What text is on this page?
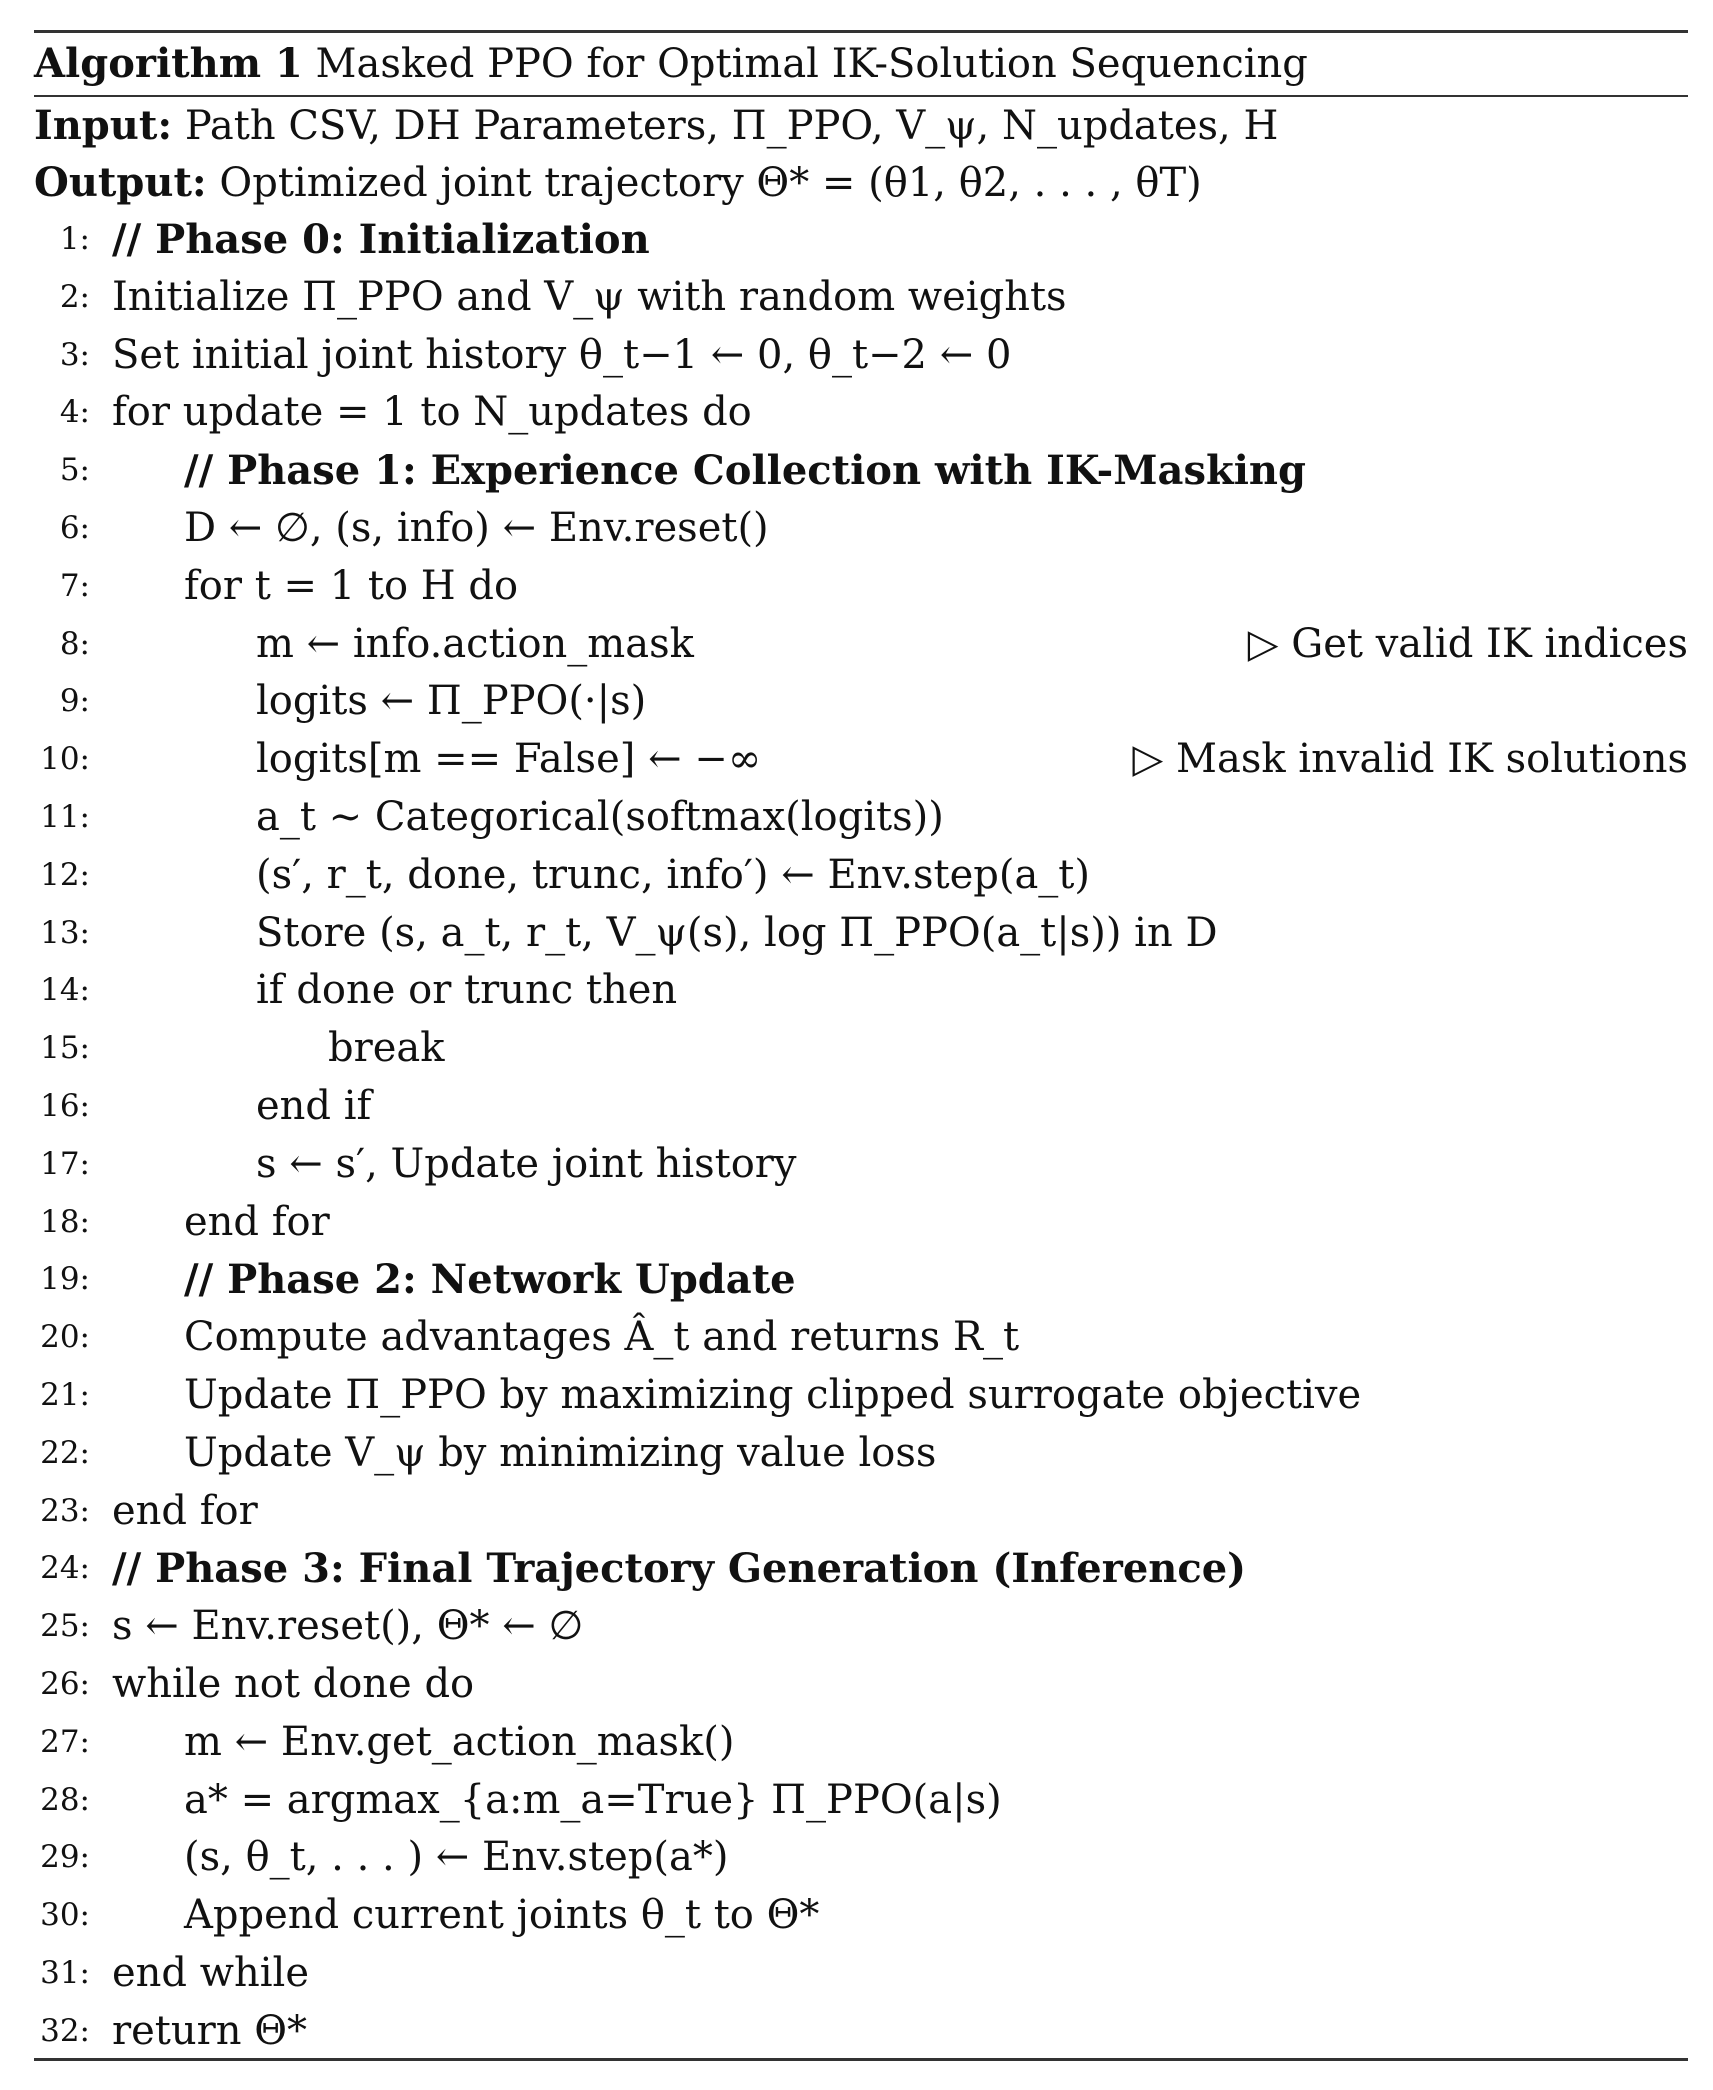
Algorithm 1 Masked PPO for Optimal IK-Solution Sequencing
Input: Path CSV, DH Parameters, Π_PPO, V_ψ, N_updates, H
Output: Optimized joint trajectory Θ* = (θ1, θ2, . . . , θT)
1: // Phase 0: Initialization
2: Initialize Π_PPO and V_ψ with random weights
3: Set initial joint history θ_t−1 ← 0, θ_t−2 ← 0
4: for update = 1 to N_updates do
5: // Phase 1: Experience Collection with IK-Masking
6: D ← ∅, (s, info) ← Env.reset()
7: for t = 1 to H do
8:	m ← info.action_mask	▷ Get valid IK indices
9:	logits ← Π_PPO(·|s)
10:	logits[m == False] ← −∞	▷ Mask invalid IK solutions
11:	a_t ∼ Categorical(softmax(logits))
12:	(s′, r_t, done, trunc, info′) ← Env.step(a_t)
13:	Store (s, a_t, r_t, V_ψ(s), log Π_PPO(a_t|s)) in D
14:	if done or trunc then
15:	break
16:	end if
17:	s ← s′, Update joint history
18: end for
19: // Phase 2: Network Update
20: Compute advantages Â_t and returns R_t
21: Update Π_PPO by maximizing clipped surrogate objective
22: Update V_ψ by minimizing value loss
23: end for
24: // Phase 3: Final Trajectory Generation (Inference)
25: s ← Env.reset(), Θ* ← ∅
26: while not done do
27: m ← Env.get_action_mask()
28: a* = argmax_{a:m_a=True} Π_PPO(a|s)
29: (s, θ_t, . . . ) ← Env.step(a*)
30: Append current joints θ_t to Θ*
31: end while
32: return Θ*
